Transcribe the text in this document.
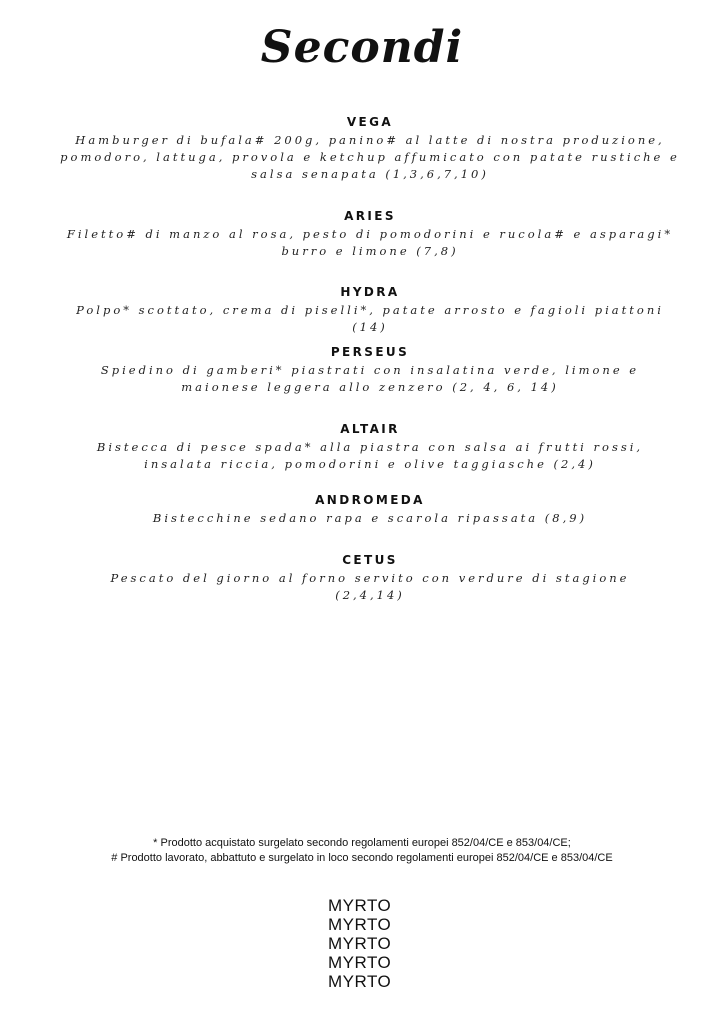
Secondi

VEGA

Hamburger di bufala# 200g, panino# al latte di nostra produzione, pomodoro, lattuga, provola e ketchup affumicato con patate rustiche e salsa senapata (1,3,6,7,10)

ARIES

Filetto# di manzo al rosa, pesto di pomodorini e rucola# e asparagi* burro e limone (7,8)

HYDRA

Polpo* scottato, crema di piselli*, patate arrosto e fagioli piattoni (14)

PERSEUS

Spiedino di gamberi* piastrati con insalatina verde, limone e maionese leggera allo zenzero (2, 4, 6, 14)

ALTAIR

Bistecca di pesce spada* alla piastra con salsa ai frutti rossi, insalata riccia, pomodorini e olive taggiasche (2,4)

ANDROMEDA

Bistecchine sedano rapa e scarola ripassata (8,9)

CETUS

Pescato del giorno al forno servito con verdure di stagione (2,4,14)

* Prodotto acquistato surgelato secondo regolamenti europei 852/04/CE e 853/04/CE;

# Prodotto lavorato, abbattuto e surgelato in loco secondo regolamenti europei 852/04/CE e 853/04/CE

MYRTO
MYRTO
MYRTO
MYRTO
MYRTO
